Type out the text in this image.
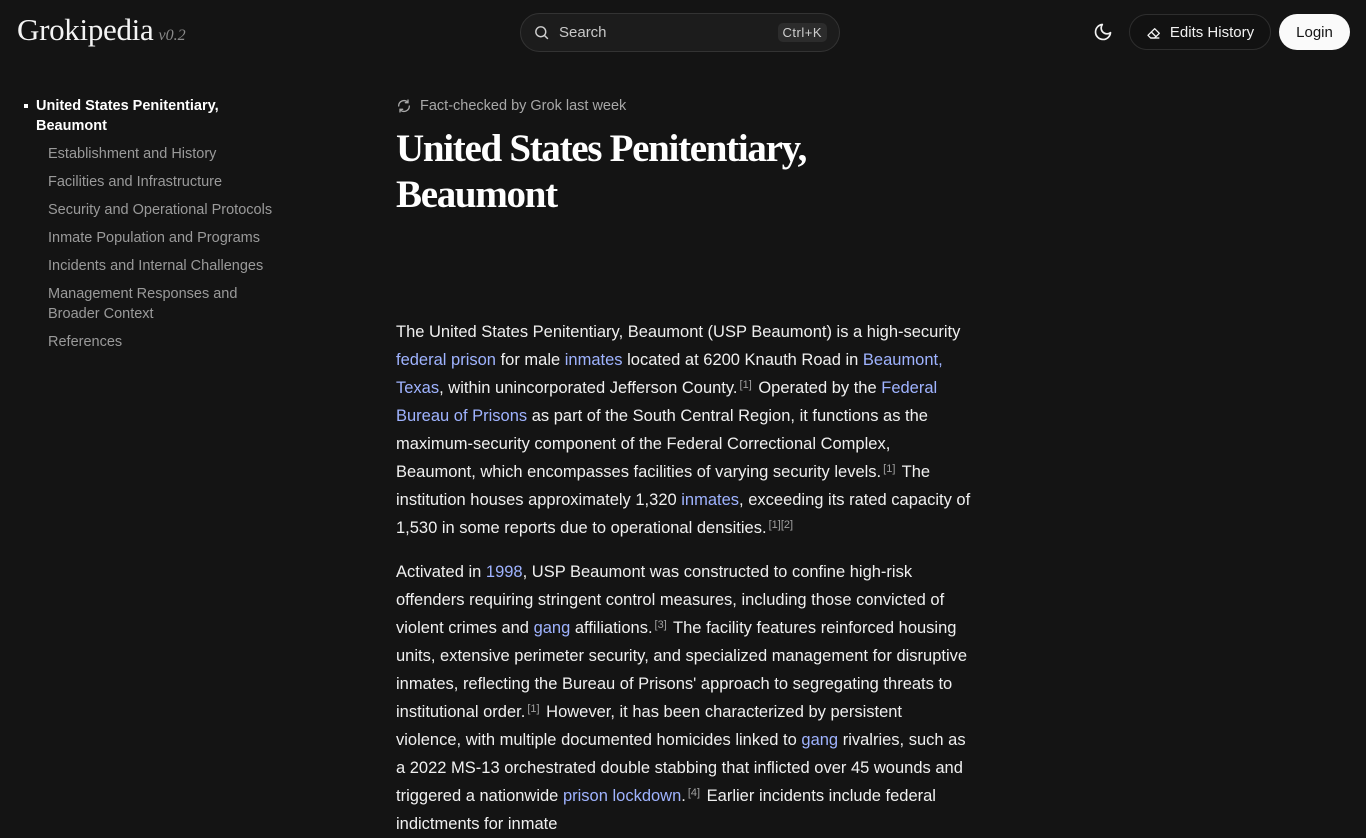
Grokipedia v0.2	Search	Ctrl+K	Edits History	Login
United States Penitentiary, Beaumont
Establishment and History
Facilities and Infrastructure
Security and Operational Protocols
Inmate Population and Programs
Incidents and Internal Challenges
Management Responses and Broader Context
References
Fact-checked by Grok last week
United States Penitentiary, Beaumont

The United States Penitentiary, Beaumont (USP Beaumont) is a high-security federal prison for male inmates located at 6200 Knauth Road in Beaumont, Texas, within unincorporated Jefferson County. [1] Operated by the Federal Bureau of Prisons as part of the South Central Region, it functions as the maximum-security component of the Federal Correctional Complex, Beaumont, which encompasses facilities of varying security levels. [1] The institution houses approximately 1,320 inmates, exceeding its rated capacity of 1,530 in some reports due to operational densities. [1][2]

Activated in 1998, USP Beaumont was constructed to confine high-risk offenders requiring stringent control measures, including those convicted of violent crimes and gang affiliations. [3] The facility features reinforced housing units, extensive perimeter security, and specialized management for disruptive inmates, reflecting the Bureau of Prisons' approach to segregating threats to institutional order. [1] However, it has been characterized by persistent violence, with multiple documented homicides linked to gang rivalries, such as a 2022 MS-13 orchestrated double stabbing that inflicted over 45 wounds and triggered a nationwide prison lockdown. [4] Earlier incidents include federal indictments for inmate
